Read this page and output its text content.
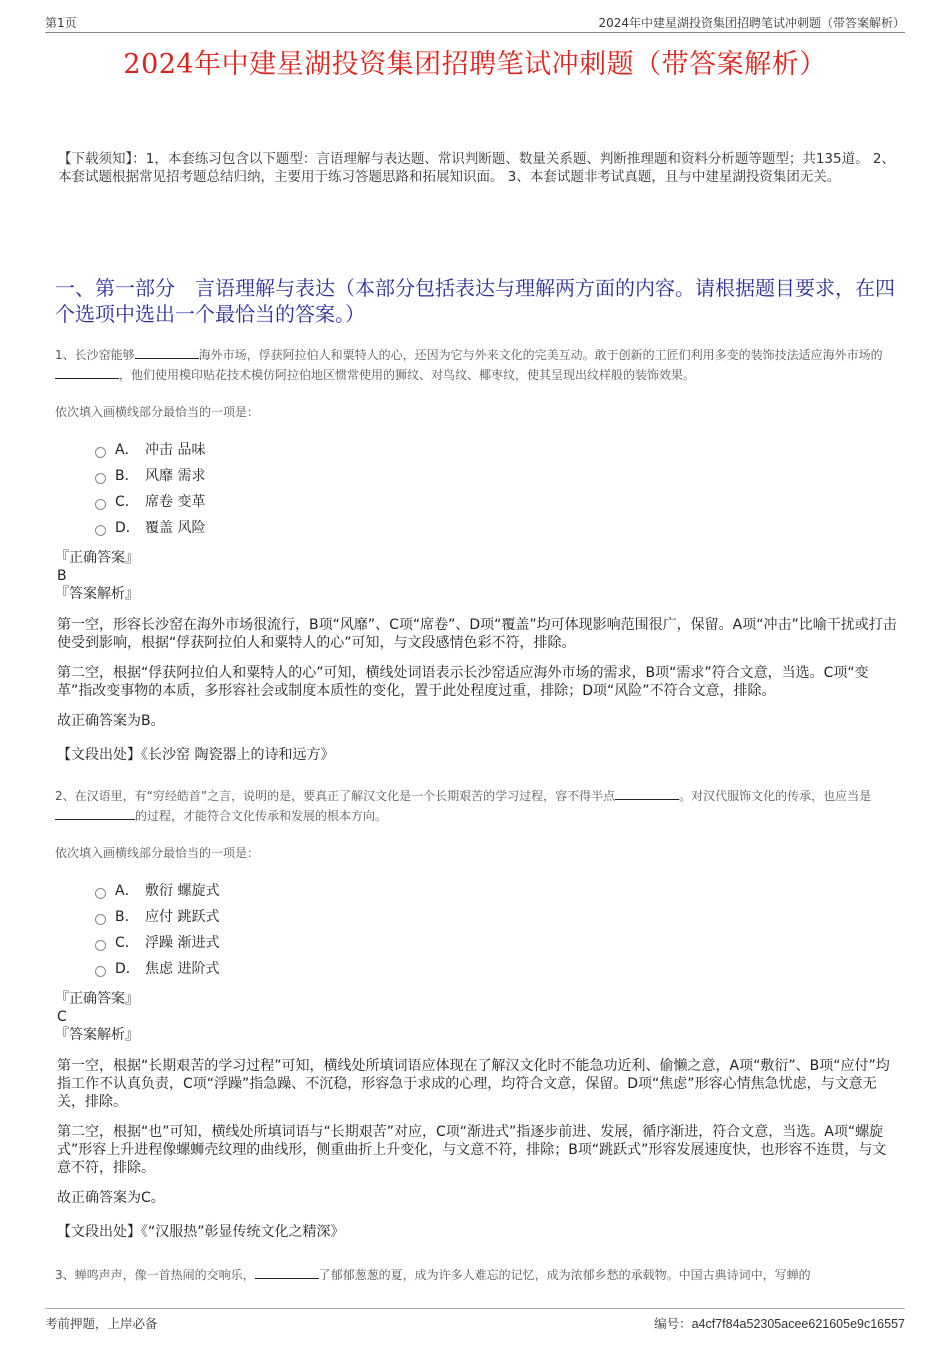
第1页	2024年中建星湖投资集团招聘笔试冲刺题（带答案解析）
2024年中建星湖投资集团招聘笔试冲刺题（带答案解析）
【下载须知】：1，本套练习包含以下题型：言语理解与表达题、常识判断题、数量关系题、判断推理题和资料分析题等题型；共135道。 2、本套试题根据常见招考题总结归纳，主要用于练习答题思路和拓展知识面。 3、本套试题非考试真题，且与中建星湖投资集团无关。
一、第一部分　言语理解与表达（本部分包括表达与理解两方面的内容。请根据题目要求，在四个选项中选出一个最恰当的答案。）

1、长沙窑能够	海外市场，俘获阿拉伯人和粟特人的心，还因为它与外来文化的完美互动。敢于创新的工匠们利用多变的装饰技法适应海外市场的，他们使用模印贴花技术模仿阿拉伯地区惯常使用的狮纹、对鸟纹、椰枣纹，使其呈现出纹样般的装饰效果。

依次填入画横线部分最恰当的一项是：

A． 冲击 品味
B． 风靡 需求
C． 席卷 变革
D． 覆盖 风险

『正确答案』

B

『答案解析』

第一空，形容长沙窑在海外市场很流行，B项“风靡”、C项“席卷”、D项“覆盖”均可体现影响范围很广，保留。A项“冲击”比喻干扰或打击使受到影响，根据“俘获阿拉伯人和粟特人的心”可知，与文段感情色彩不符，排除。

第二空，根据“俘获阿拉伯人和粟特人的心”可知，横线处词语表示长沙窑适应海外市场的需求，B项“需求”符合文意，当选。C项“变革”指改变事物的本质，多形容社会或制度本质性的变化，置于此处程度过重，排除；D项“风险”不符合文意，排除。

故正确答案为B。

【文段出处】《长沙窑 陶瓷器上的诗和远方》

2、在汉语里，有“穷经皓首”之言，说明的是，要真正了解汉文化是一个长期艰苦的学习过程，容不得半点	。对汉代服饰文化的传承，也应当是的过程，才能符合文化传承和发展的根本方向。

依次填入画横线部分最恰当的一项是：

A． 敷衍 螺旋式
B． 应付 跳跃式
C． 浮躁 渐进式
D． 焦虑 进阶式

『正确答案』

C

『答案解析』

第一空，根据“长期艰苦的学习过程”可知，横线处所填词语应体现在了解汉文化时不能急功近利、偷懒之意，A项“敷衍”、B项“应付”均指工作不认真负责，C项“浮躁”指急躁、不沉稳，形容急于求成的心理，均符合文意，保留。D项“焦虑”形容心情焦急忧虑，与文意无关，排除。

第二空，根据“也”可知，横线处所填词语与“长期艰苦”对应，C项“渐进式”指逐步前进、发展，循序渐进，符合文意，当选。A项“螺旋式”形容上升进程像螺蛳壳纹理的曲线形，侧重曲折上升变化，与文意不符，排除；B项“跳跃式”形容发展速度快，也形容不连贯，与文意不符，排除。

故正确答案为C。

【文段出处】《“汉服热”彰显传统文化之精深》

3、蝉鸣声声，像一首热闹的交响乐，	了郁郁葱葱的夏，成为许多人难忘的记忆，成为浓郁乡愁的承载物。中国古典诗词中，写蝉的

考前押题，上岸必备	编号：a4cf7f84a52305acee621605e9c16557
